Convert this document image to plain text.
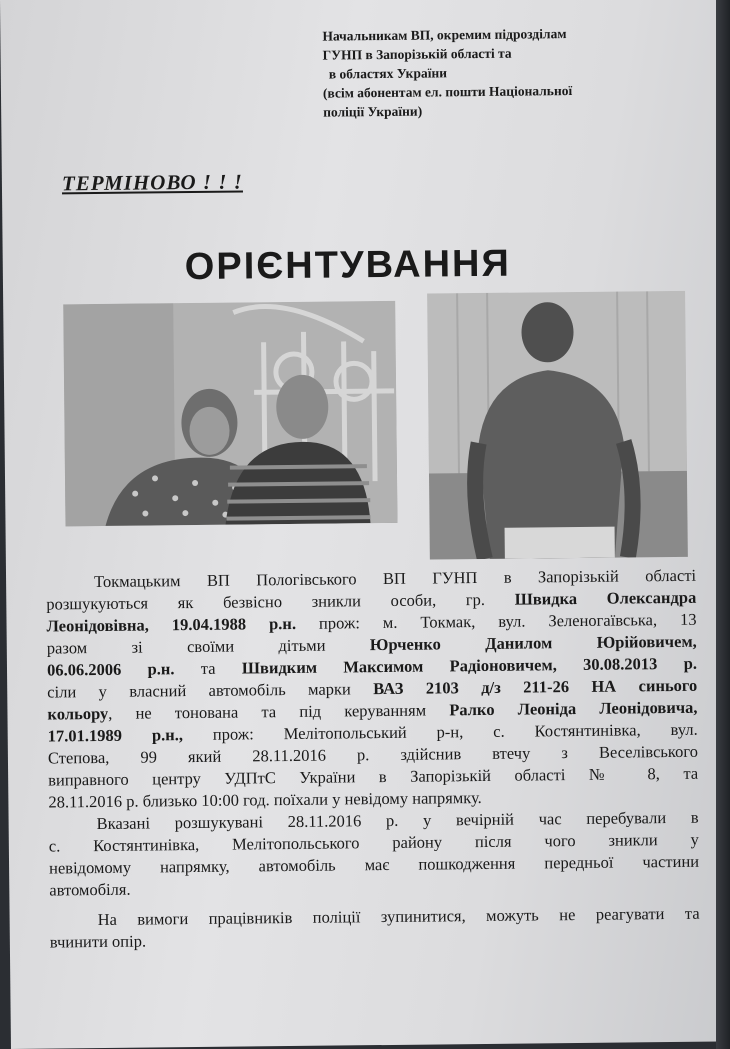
Начальникам ВП, окремим підрозділам
ГУНП в Запорізькій області та
в областях України
(всім абонентам ел. пошти Національної
поліції України)
ТЕРМІНОВО ! ! !
ОРІЄНТУВАННЯ

Токмацьким ВП Пологівського ВП ГУНП в Запорізькій області
розшукуються як безвісно зникли особи, гр. Швидка Олександра
Леонідовівна, 19.04.1988 р.н. прож: м. Токмак, вул. Зеленогаївська, 13
разом зі своїми дітьми Юрченко Данилом Юрійовичем,
06.06.2006 р.н. та Швидким Максимом Радіоновичем, 30.08.2013 р.
сіли у власний автомобіль марки ВАЗ 2103 д/з 211-26 НА синього
кольору, не тонована та під керуванням Ралко Леоніда Леонідовича,
17.01.1989 р.н., прож: Мелітопольський р-н, с. Костянтинівка, вул.
Степова, 99 який 28.11.2016 р. здійснив втечу з Веселівського
виправного центру УДПтС України в Запорізькій області № 8, та
28.11.2016 р. близько 10:00 год. поїхали у невідому напрямку.

Вказані розшукувані 28.11.2016 р. у вечірній час перебували в
с. Костянтинівка, Мелітопольського району після чого зникли у
невідомому напрямку, автомобіль має пошкодження передньої частини
автомобіля.

На вимоги працівників поліції зупинитися, можуть не реагувати та
вчинити опір.
